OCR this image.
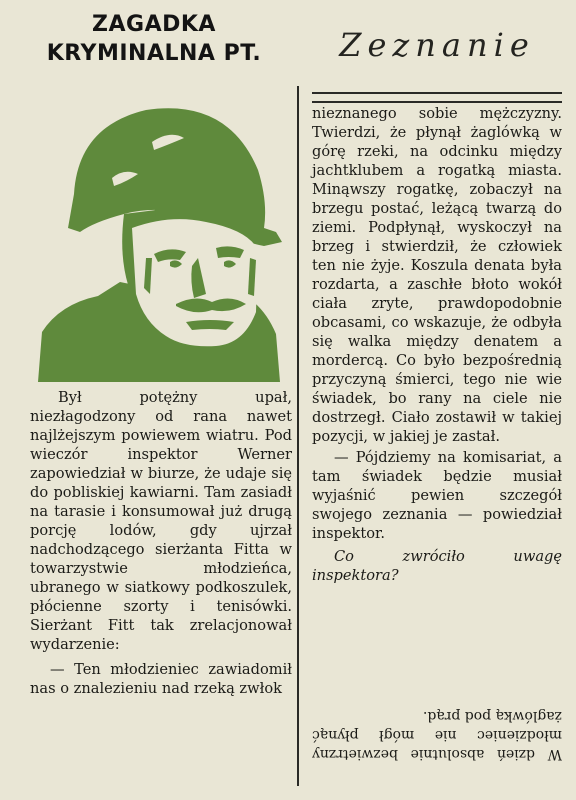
ZAGADKA
KRYMINALNA PT.	Zeznanie

Był potężny upał, niezłagodzony od rana nawet najlżejszym powiewem wiatru. Pod wieczór inspektor Werner zapowiedział w biurze, że udaje się do pobliskiej kawiarni. Tam zasiadł na tarasie i konsumował już drugą porcję lodów, gdy ujrzał nadchodzącego sierżanta Fitta w towarzystwie młodzieńca, ubranego w siatkowy podkoszulek, płócienne szorty i tenisówki. Sierżant Fitt tak zrelacjonował wydarzenie:

— Ten młodzieniec zawiadomił nas o znalezieniu nad rzeką zwłok

nieznanego sobie mężczyzny. Twierdzi, że płynął żaglówką w górę rzeki, na odcinku między jachtklubem a rogatką miasta. Minąwszy rogatkę, zobaczył na brzegu postać, leżącą twarzą do ziemi. Podpłynął, wyskoczył na brzeg i stwierdził, że człowiek ten nie żyje. Koszula denata była rozdarta, a zaschłe błoto wokół ciała zryte, prawdopodobnie obcasami, co wskazuje, że odbyła się walka między denatem a mordercą. Co było bezpośrednią przyczyną śmierci, tego nie wie świadek, bo rany na ciele nie dostrzegł. Ciało zostawił w takiej pozycji, w jakiej je zastał.

— Pójdziemy na komisariat, a tam świadek będzie musiał wyjaśnić pewien szczegół swojego zeznania — powiedział inspektor.

Co zwróciło uwagę inspektora?

W dzień absolutnie bezwietrzny młodzieniec nie mógł płynąć żaglówką pod prąd.
